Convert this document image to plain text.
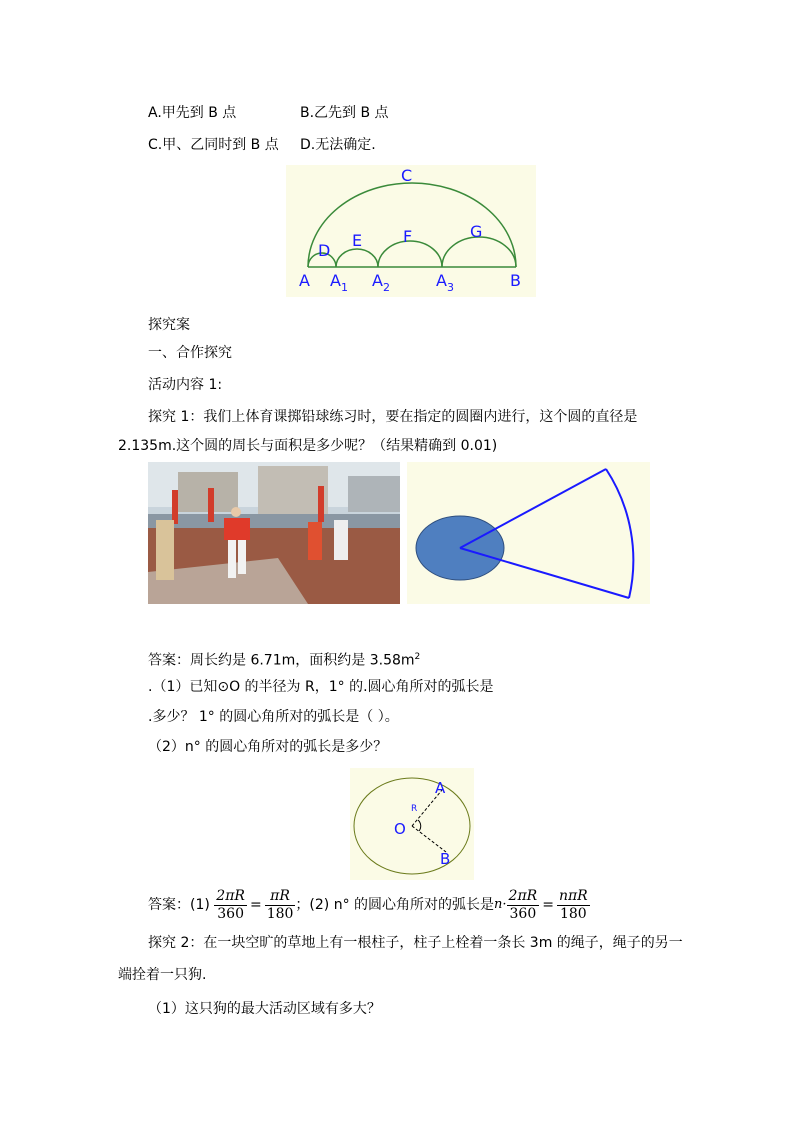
A.甲先到 B 点	B.乙先到 B 点
C.甲、乙同时到 B 点 D.无法确定.
C
D
E	F	G
A $A_1$ $A_2$	$A_3$	B
探究案
一、合作探究
活动内容 1:
探究 1：我们上体育课掷铅球练习时，要在指定的圆圈内进行，这个圆的直径是
2.135m.这个圆的周长与面积是多少呢？（结果精确到 0.01)
答案：周长约是 6.71m，面积约是 $3.58m^2$
.（1）已知⊙O 的半径为 R，1° 的.圆心角所对的弧长是
.多少？ 1° 的圆心角所对的弧长是（ ）。
（2）n° 的圆心角所对的弧长是多少？
A
B
O
R
答案：$(1) \frac{2\pi R}{360} = \frac{\pi R}{180}$ ；(2) n° 的圆心角所对的弧长是$n\cdot \frac{2\pi R}{360} = \frac{\text{nπR}}{180}$
探究 2：在一块空旷的草地上有一根柱子，柱子上栓着一条长 3m 的绳子，绳子的另一
端拴着一只狗.
（1）这只狗的最大活动区域有多大？
